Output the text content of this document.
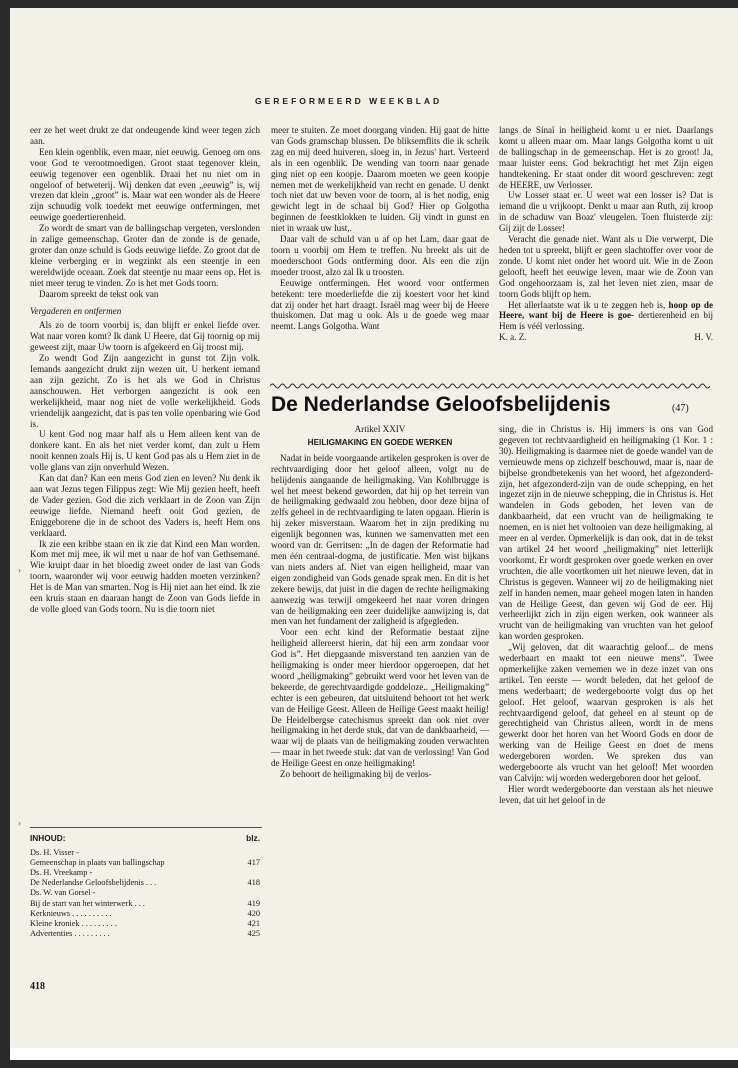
GEREFORMEERD WEEKBLAD

eer ze het weet drukt ze dat ondeugende kind weer tegen zich aan.

Een klein ogenblik, even maar, niet eeuwig. Genoeg om ons voor God te verootmoedigen. Groot staat tegenover klein, eeuwig tegenover een ogenblik. Draai het nu niet om in ongeloof of betweterij. Wij denken dat even „eeuwig” is, wij vrezen dat klein „groot” is. Maar wat een wonder als de Heere zijn schuudig volk toedekt met eeuwige ontfermingen, met eeuwige goedertierenheid.

Zo wordt de smart van de ballingschap vergeten, verslonden in zalige gemeenschap. Groter dan de zonde is de genade, groter dan onze schuld is Gods eeuwige liefde. Zo groot dat de kleine verberging er in wegzinkt als een steentje in een wereldwijde oceaan. Zoek dat steentje nu maar eens op. Het is niet meer terug te vinden. Zo is het met Gods toorn.

Daarom spreekt de tekst ook van

Vergaderen en ontfermen

Als zo de toorn voorbij is, dan blijft er enkel liefde over. Wat naar voren komt? Ik dank U Heere, dat Gij toornig op mij geweest zijt, maar Uw toorn is afgekeerd en Gij troost mij.

Zo wendt God Zijn aangezicht in gunst tot Zijn volk. Iemands aangezicht drukt zijn wezen uit. U herkent iemand aan zijn gezicht. Zo is het als we God in Christus aanschouwen. Het verborgen aangezicht is ook een werkelijkheid, maar nog niet de volle werkelijkheid. Gods vriendelijk aangezicht, dat is pas ten volle openbaring wie God is.

U kent God nog maar half als u Hem alleen kent van de donkere kant. En als het niet verder komt, dan zult u Hem nooit kennen zoals Hij is. U kent God pas als u Hem ziet in de volle glans van zijn onverhuld Wezen.

Kan dat dan? Kan een mens God zien en leven? Nu denk ik aan wat Jezus tegen Filippus zegt: Wie Mij gezien heeft, heeft de Vader gezien. God die zich verklaart in de Zoon van Zijn eeuwige liefde. Niemand heeft ooit God gezien, de Eniggeborene die in de schoot des Vaders is, heeft Hem ons verklaard.

Ik zie een kribbe staan en ik zie dat Kind een Man worden. Kom met mij mee, ik wil met u naar de hof van Gethsemané. Wie kruipt daar in het bloedig zweet onder de last van Gods toorn, waaronder wij voor eeuwig hadden moeten verzinken? Het is de Man van smarten. Nog is Hij niet aan het eind. Ik zie een kruis staan en daaraan hangt de Zoon van Gods liefde in de volle gloed van Gods toorn. Nu is die toorn niet

meer te stuiten. Ze moet doorgang vinden. Hij gaat de hitte van Gods gramschap blussen. De bliksemflits die ik schrik zag en mij deed huiveren, sloeg in, in Jezus' hart. Verteerd als in een ogenblik. De wending van toorn naar genade ging niet op een koopje. Daarom moeten we geen koopje nemen met de werkelijkheid van recht en genade. U denkt toch niet dat uw beven voor de toorn, al is het nodig, enig gewicht legt in de schaal bij God? Hier op Golgotha beginnen de feestklokken te luiden. Gij vindt in gunst en niet in wraak uw lust,.

Daar valt de schuld van u af op het Lam, daar gaat de toorn u voorbij om Hem te treffen. Nu breekt als uit de moederschoot Gods ontferming door. Als een die zijn moeder troost, alzo zal Ik u troosten.

Eeuwige ontfermingen. Het woord voor ontfermen betekent: tere moederliefde die zij koestert voor het kind dat zij onder het hart draagt. Israël mag weer bij de Heere thuiskomen. Dat mag u ook. Als u de goede weg maar neemt. Langs Golgotha. Want

langs de Sinaï in heiligheid komt u er niet. Daarlangs komt u alleen maar om. Maar langs Golgotha komt u uit de ballingschap in de gemeenschap. Het is zo groot! Ja, maar luister eens. God bekrachtigt het met Zijn eigen handtekening. Er staat onder dit woord geschreven: zegt de HEERE, uw Verlosser.

Uw Losser staat er. U weet wat een losser is? Dat is iemand die u vrijkoopt. Denkt u maar aan Ruth, zij kroop in de schaduw van Boaz' vleugelen. Toen fluisterde zij: Gij zijt de Losser!

Veracht die genade niet. Want als u Die verwerpt, Die heden tot u spreekt, blijft er geen slachtoffer over voor de zonde. U komt niet onder het woord uit. Wie in de Zoon gelooft, heeft het eeuwige leven, maar wie de Zoon van God ongehoorzaam is, zal het leven niet zien, maar de toorn Gods blijft op hem.

Het allerlaatste wat ik u te zeggen heb is, hoop op de Heere, want bij de Heere is goe- dertierenheid en bij Hem is véél verlossing.

K. a. Z.	H. V.
De Nederlandse Geloofsbelijdenis	(47)

Artikel XXIV

HEILIGMAKING EN GOEDE WERKEN

Nadat in beide voorgaande artikelen gesproken is over de rechtvaardiging door het geloof alleen, volgt nu de belijdenis aangaande de heiligmaking. Van Kohlbrugge is wel het meest bekend geworden, dat hij op het terrein van de heiligmaking gedwaald zou hebben, door deze bijna of zelfs geheel in de rechtvaardiging te laten opgaan. Hierin is hij zeker misverstaan. Waarom het in zijn prediking nu eigenlijk begonnen was, kunnen we samenvatten met een woord van dr. Gerritsen: „In de dagen der Reformatie had men één centraal-dogma, de justificatie. Men wist bijkans van niets anders af. Niet van eigen heiligheid, maar van eigen zondigheid van Gods genade sprak men. En dit is het zekere bewijs, dat juist in die dagen de rechte heiligmaking aanwezig was terwijl omgekeerd het naar voren dringen van de heiligmaking een zeer duidelijke aanwijzing is, dat men van het fundament der zaligheid is afgegleden.

Voor een echt kind der Reformatie bestaat zijne heiligheid allereerst hierin, dat hij een arm zondaar voor God is”. Het diepgaande misverstand ten aanzien van de heiligmaking is onder meer hierdoor opgeroepen, dat het woord „heiligmaking” gebruikt werd voor het leven van de bekeerde, de gerechtvaardigde goddeloze.. „Heiligmaking” echter is een gebeuren, dat uitsluitend behoort tot het werk van de Heilige Geest. Alleen de Heilige Geest maakt heilig! De Heidelbergse catechismus spreekt dan ook niet over heiligmaking in het derde stuk, dat van de dankbaarheid, — waar wij de plaats van de heiligmaking zouden verwachten — maar in het tweede stuk: dat van de verlossing! Van God de Heilige Geest en onze heiligmaking!

Zo behoort de heiligmaking bij de verlos-

sing, die in Christus is. Hij immers is ons van God gegeven tot rechtvaardigheid en heiligmaking (1 Kor. 1 : 30). Heiligmaking is daarmee niet de goede wandel van de vernieuwde mens op zichzelf beschouwd, maar is, naar de bijbelse grondbetekenis van het woord, het afgezonderd-zijn, het afgezonderd-zijn van de oude schepping, en het ingezet zijn in de nieuwe schepping, die in Christus is. Het wandelen in Gods geboden, het leven van de dankbaarheid, dat een vrucht van de heiligmaking te noemen, en is niet het voltooien van deze heiligmaking, al meer en al verder. Opmerkelijk is dan ook, dat in de tekst van artikel 24 het woord „heiligmaking” niet letterlijk voorkomt. Er wordt gesproken over goede werken en over vruchten, die alle voortkomen uit het nieuwe leven, dat in Christus is gegeven. Wanneer wij zo de heiligmaking niet zelf in handen nemen, maar geheel mogen laten in handen van de Heilige Geest, dan geven wij God de eer. Hij verheerlijkt zich in zijn eigen werken, ook wanneer als vrucht van de heiligmaking van vruchten van het geloof kan worden gesproken.

„Wij geloven, dat dit waarachtig geloof... de mens wederbaart en maakt tot een nieuwe mens”. Twee opmerkelijke zaken vernemen we in deze inzet van ons artikel. Ten eerste — wordt beleden, dat het geloof de mens wederbaart; de wedergeboorte volgt dus op het geloof. Het geloof, waarvan gesproken is als het rechtvaardigend geloof, dat geheel en al steunt op de gerechtigheid van Christus alleen, wordt in de mens gewerkt door het horen van het Woord Gods en door de werking van de Heilige Geest en doet de mens wedergeboren worden. We spreken dus van wedergeboorte als vrucht van het geloof! Met woorden van Calvijn: wij worden wedergeboren door het geloof.

Hier wordt wedergeboorte dan verstaan als het nieuwe leven, dat uit het geloof in de

INHOUD:	blz.
Ds. H. Visser -
Gemeenschap in plaats van ballingschap	417
Ds. H. Vreekamp -
De Nederlandse Geloofsbelijdenis . . .	418
Ds. W. van Gorsel -
Bij de start van het winterwerk . . .	419
Kerknieuws . . . . . . . . . .	420
Kleine kroniek . . . . . . . . .	421
Advertenties . . . . . . . . .	425
418
›
›
